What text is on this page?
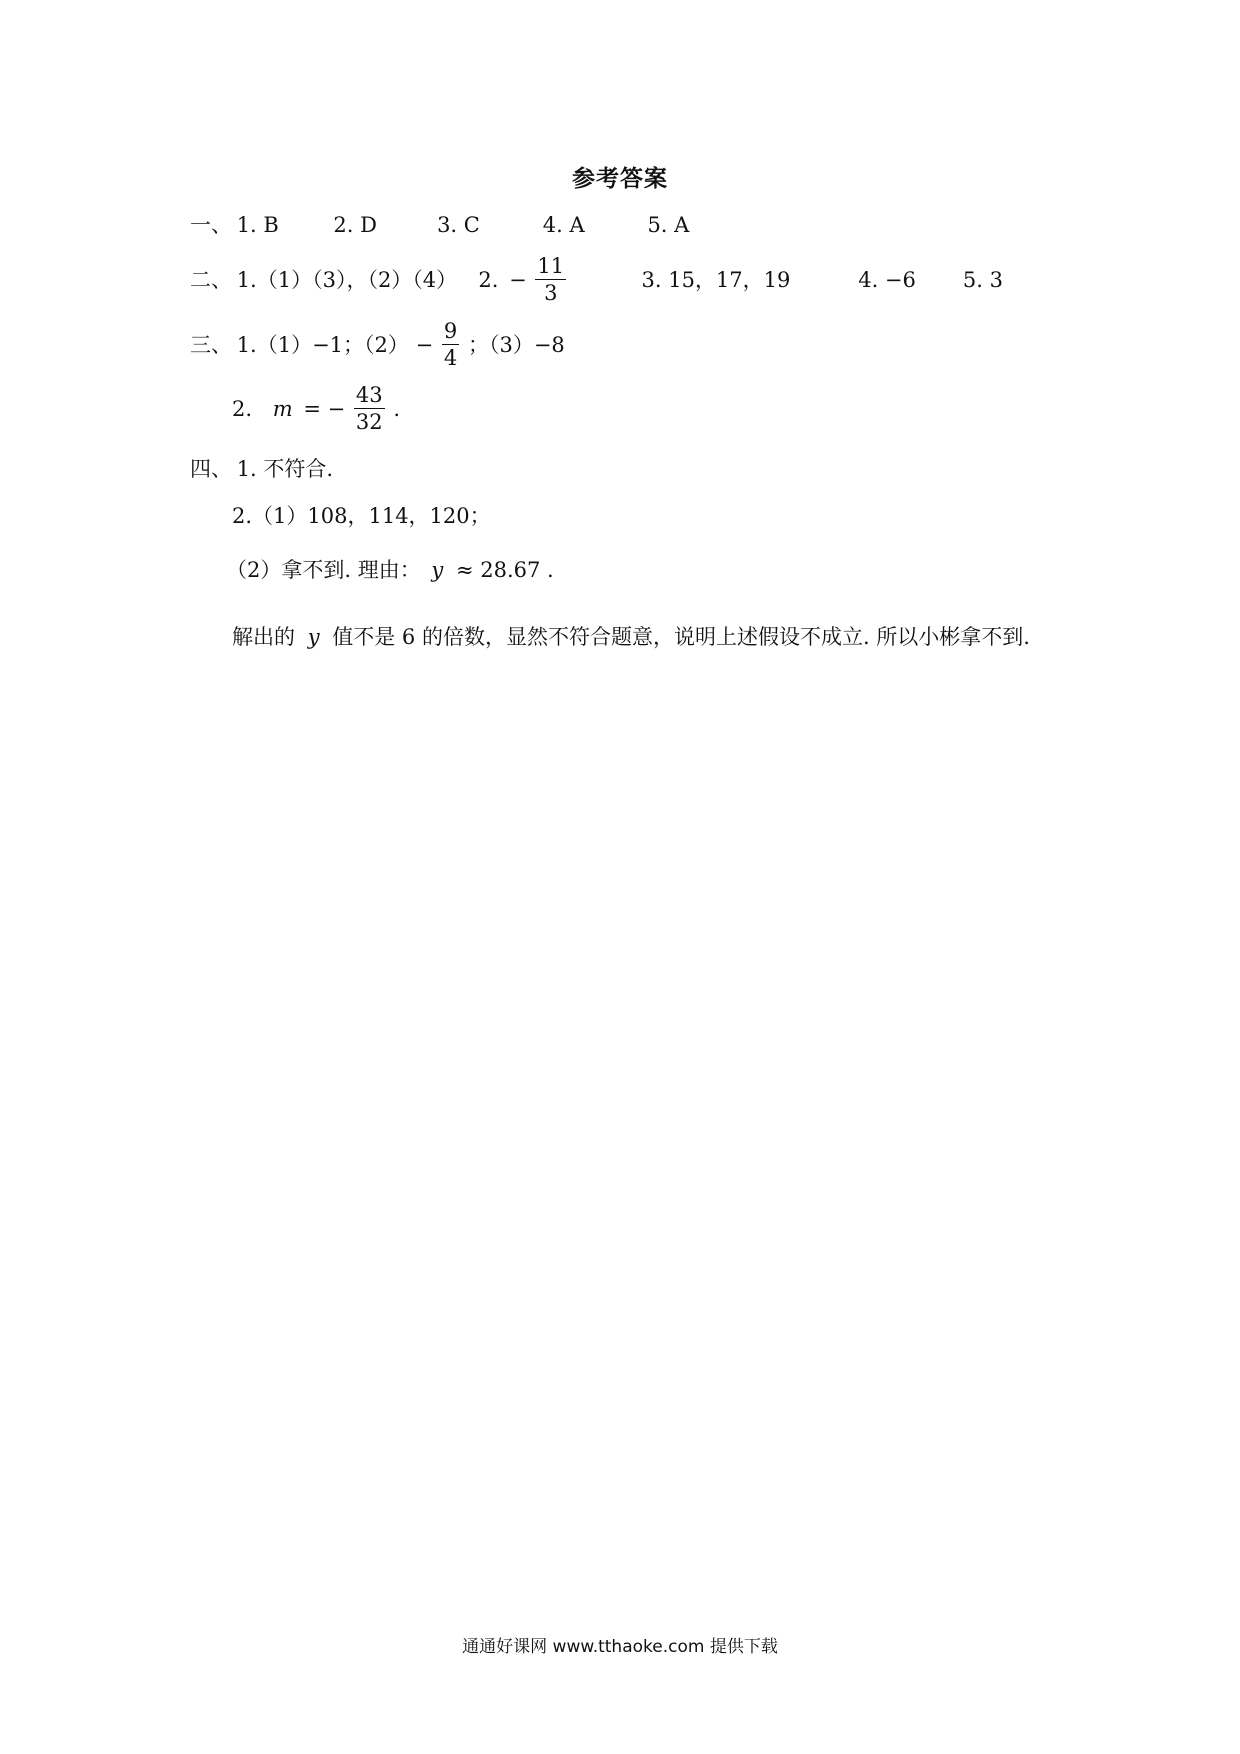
参考答案
一、 1. B	2. D	3. C	4. A	5. A
二、 1.（1）（3），（2）（4） 2. − $\frac{11}{3}$	3. 15，17，19	4. −6 5. 3
三、 1.（1）−1；$(2) - \frac{9}{4}$ ；（3）−8
2. m = − $\frac{43}{32}$ .
四、 1. 不符合.
2.（1）108，114，120；
（2）拿不到. 理由： y ≈ 28.67 .
解出的 y 值不是 6 的倍数，显然不符合题意，说明上述假设不成立. 所以小彬拿不到.
通通好课网 www.tthaoke.com 提供下载
